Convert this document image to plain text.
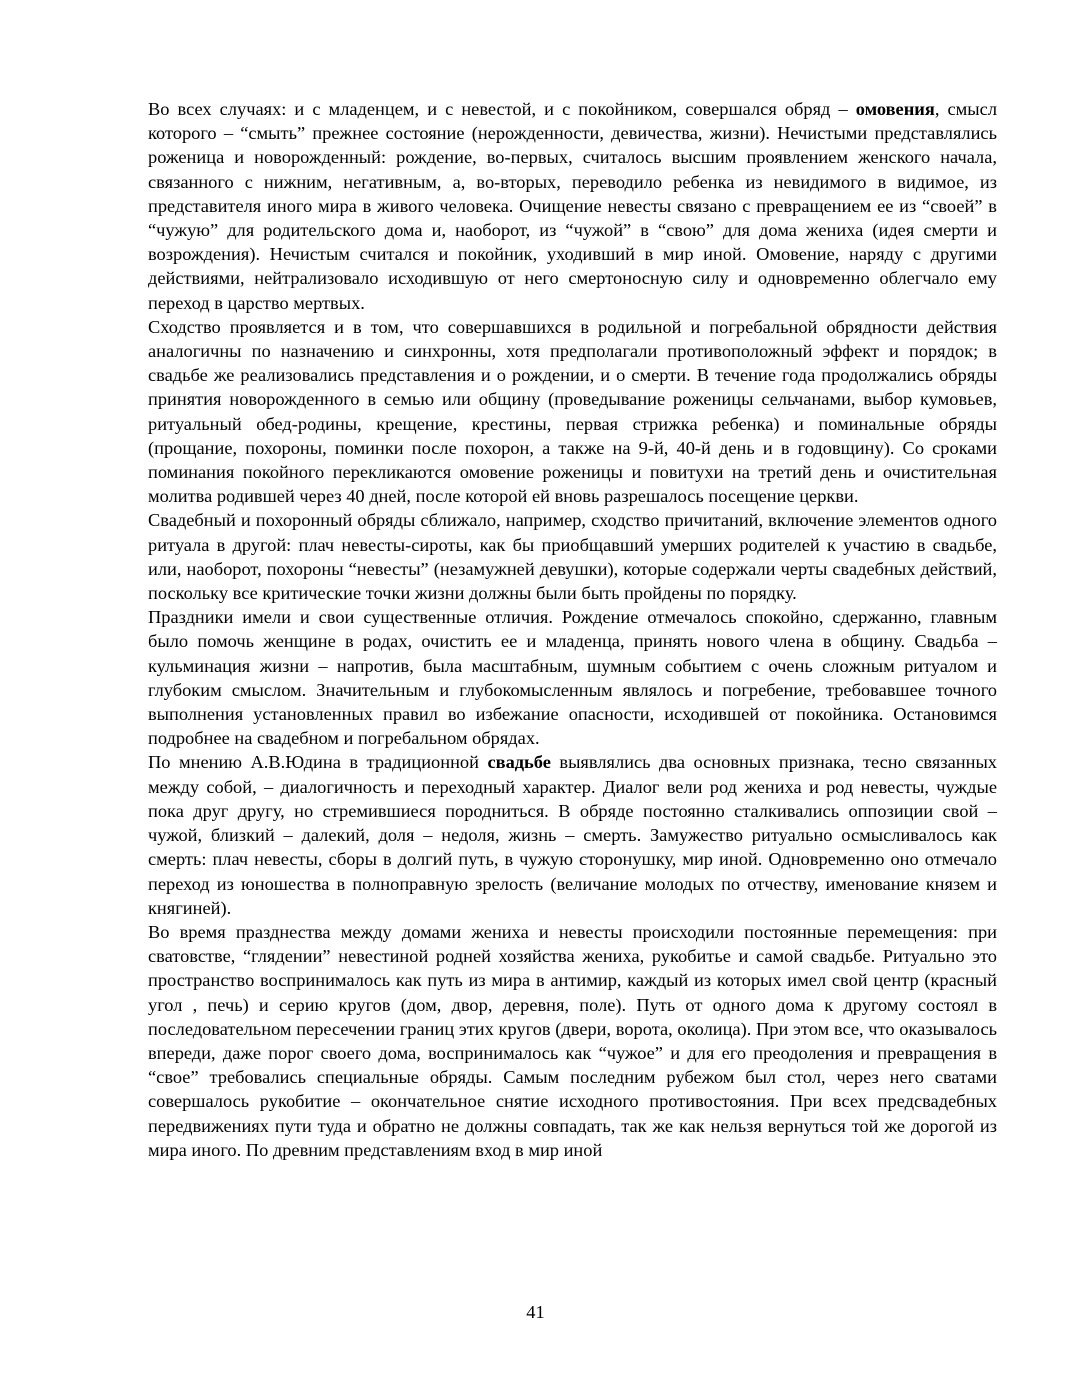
Во всех случаях: и с младенцем, и с невестой, и с покойником, совершался обряд – омовения, смысл которого – “смыть” прежнее состояние (нерожденности, девичества, жизни). Нечистыми представлялись роженица и новорожденный: рождение, во-первых, считалось высшим проявлением женского начала, связанного с нижним, негативным, а, во-вторых, переводило ребенка из невидимого в видимое, из представителя иного мира в живого человека. Очищение невесты связано с превращением ее из “своей” в “чужую” для родительского дома и, наоборот, из “чужой” в “свою” для дома жениха (идея смерти и возрождения). Нечистым считался и покойник, уходивший в мир иной. Омовение, наряду с другими действиями, нейтрализовало исходившую от него смертоносную силу и одновременно облегчало ему переход в царство мертвых.

Сходство проявляется и в том, что совершавшихся в родильной и погребальной обрядности действия аналогичны по назначению и синхронны, хотя предполагали противоположный эффект и порядок; в свадьбе же реализовались представления и о рождении, и о смерти. В течение года продолжались обряды принятия новорожденного в семью или общину (проведывание роженицы сельчанами, выбор кумовьев, ритуальный обед-родины, крещение, крестины, первая стрижка ребенка) и поминальные обряды (прощание, похороны, поминки после похорон, а также на 9-й, 40-й день и в годовщину). Со сроками поминания покойного перекликаются омовение роженицы и повитухи на третий день и очистительная молитва родившей через 40 дней, после которой ей вновь разрешалось посещение церкви.

Свадебный и похоронный обряды сближало, например, сходство причитаний, включение элементов одного ритуала в другой: плач невесты-сироты, как бы приобщавший умерших родителей к участию в свадьбе, или, наоборот, похороны “невесты” (незамужней девушки), которые содержали черты свадебных действий, поскольку все критические точки жизни должны были быть пройдены по порядку.

Праздники имели и свои существенные отличия. Рождение отмечалось спокойно, сдержанно, главным было помочь женщине в родах, очистить ее и младенца, принять нового члена в общину. Свадьба – кульминация жизни – напротив, была масштабным, шумным событием с очень сложным ритуалом и глубоким смыслом. Значительным и глубокомысленным являлось и погребение, требовавшее точного выполнения установленных правил во избежание опасности, исходившей от покойника. Остановимся подробнее на свадебном и погребальном обрядах.

По мнению А.В.Юдина в традиционной свадьбе выявлялись два основных признака, тесно связанных между собой, – диалогичность и переходный характер. Диалог вели род жениха и род невесты, чуждые пока друг другу, но стремившиеся породниться. В обряде постоянно сталкивались оппозиции свой – чужой, близкий – далекий, доля – недоля, жизнь – смерть. Замужество ритуально осмысливалось как смерть: плач невесты, сборы в долгий путь, в чужую сторонушку, мир иной. Одновременно оно отмечало переход из юношества в полноправную зрелость (величание молодых по отчеству, именование князем и княгиней).

Во время празднества между домами жениха и невесты происходили постоянные перемещения: при сватовстве, “глядении” невестиной родней хозяйства жениха, рукобитье и самой свадьбе. Ритуально это пространство воспринималось как путь из мира в антимир, каждый из которых имел свой центр (красный угол , печь) и серию кругов (дом, двор, деревня, поле). Путь от одного дома к другому состоял в последовательном пересечении границ этих кругов (двери, ворота, околица). При этом все, что оказывалось впереди, даже порог своего дома, воспринималось как “чужое” и для его преодоления и превращения в “свое” требовались специальные обряды. Самым последним рубежом был стол, через него сватами совершалось рукобитие – окончательное снятие исходного противостояния. При всех предсвадебных передвижениях пути туда и обратно не должны совпадать, так же как нельзя вернуться той же дорогой из мира иного. По древним представлениям вход в мир иной

41
